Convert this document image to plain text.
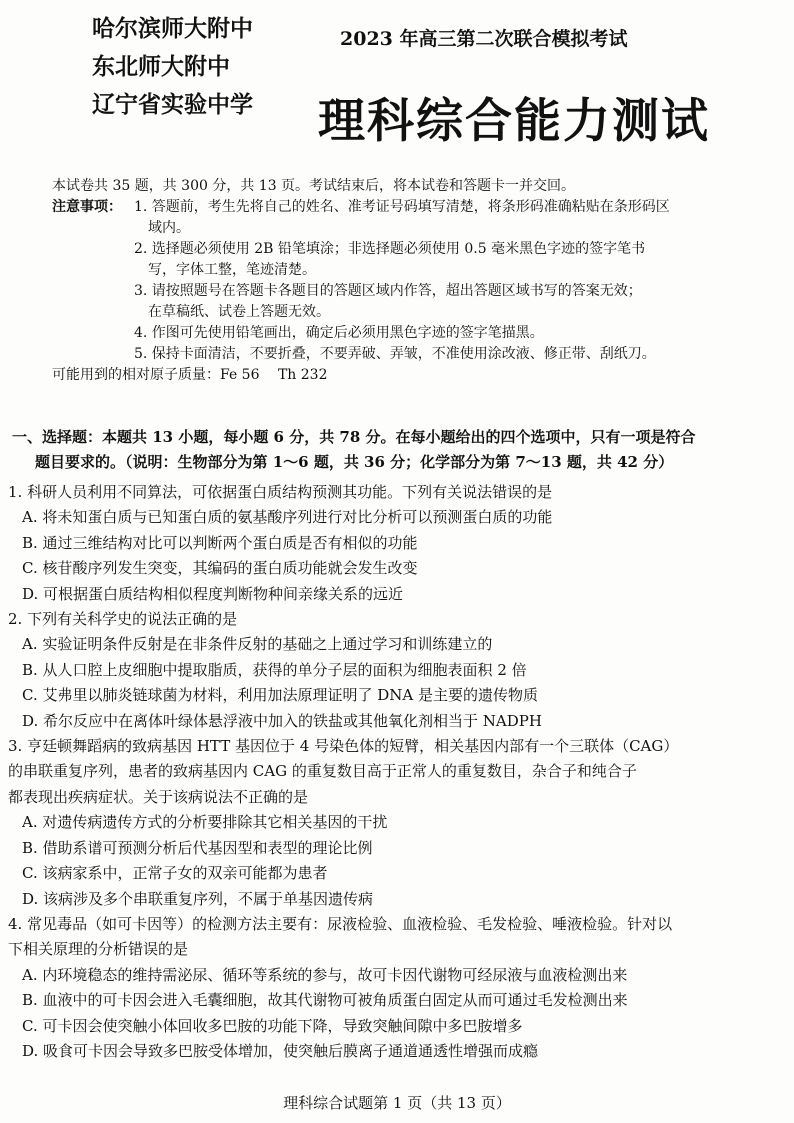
哈尔滨师大附中
东北师大附中
辽宁省实验中学
2023 年高三第二次联合模拟考试
理科综合能力测试
本试卷共 35 题，共 300 分，共 13 页。考试结束后，将本试卷和答题卡一并交回。
注意事项： 1. 答题前，考生先将自己的姓名、准考证号码填写清楚，将条形码准确粘贴在条形码区
域内。
2. 选择题必须使用 2B 铅笔填涂；非选择题必须使用 0.5 毫米黑色字迹的签字笔书
写，字体工整，笔迹清楚。
3. 请按照题号在答题卡各题目的答题区域内作答，超出答题区域书写的答案无效；
在草稿纸、试卷上答题无效。
4. 作图可先使用铅笔画出，确定后必须用黑色字迹的签字笔描黑。
5. 保持卡面清洁，不要折叠，不要弄破、弄皱，不准使用涂改液、修正带、刮纸刀。
可能用到的相对原子质量：Fe 56　 Th 232
一、选择题：本题共 13 小题，每小题 6 分，共 78 分。在每小题给出的四个选项中，只有一项是符合
题目要求的。（说明：生物部分为第 1～6 题，共 36 分；化学部分为第 7～13 题，共 42 分）
1. 科研人员利用不同算法，可依据蛋白质结构预测其功能。下列有关说法错误的是
A. 将未知蛋白质与已知蛋白质的氨基酸序列进行对比分析可以预测蛋白质的功能
B. 通过三维结构对比可以判断两个蛋白质是否有相似的功能
C. 核苷酸序列发生突变，其编码的蛋白质功能就会发生改变
D. 可根据蛋白质结构相似程度判断物种间亲缘关系的远近
2. 下列有关科学史的说法正确的是
A. 实验证明条件反射是在非条件反射的基础之上通过学习和训练建立的
B. 从人口腔上皮细胞中提取脂质，获得的单分子层的面积为细胞表面积 2 倍
C. 艾弗里以肺炎链球菌为材料，利用加法原理证明了 DNA 是主要的遗传物质
D. 希尔反应中在离体叶绿体悬浮液中加入的铁盐或其他氧化剂相当于 NADPH
3. 亨廷顿舞蹈病的致病基因 HTT 基因位于 4 号染色体的短臂，相关基因内部有一个三联体（CAG）
的串联重复序列，患者的致病基因内 CAG 的重复数目高于正常人的重复数目，杂合子和纯合子
都表现出疾病症状。关于该病说法不正确的是
A. 对遗传病遗传方式的分析要排除其它相关基因的干扰
B. 借助系谱可预测分析后代基因型和表型的理论比例
C. 该病家系中，正常子女的双亲可能都为患者
D. 该病涉及多个串联重复序列，不属于单基因遗传病
4. 常见毒品（如可卡因等）的检测方法主要有：尿液检验、血液检验、毛发检验、唾液检验。针对以
下相关原理的分析错误的是
A. 内环境稳态的维持需泌尿、循环等系统的参与，故可卡因代谢物可经尿液与血液检测出来
B. 血液中的可卡因会进入毛囊细胞，故其代谢物可被角质蛋白固定从而可通过毛发检测出来
C. 可卡因会使突触小体回收多巴胺的功能下降，导致突触间隙中多巴胺增多
D. 吸食可卡因会导致多巴胺受体增加，使突触后膜离子通道通透性增强而成瘾
理科综合试题第 1 页（共 13 页）
